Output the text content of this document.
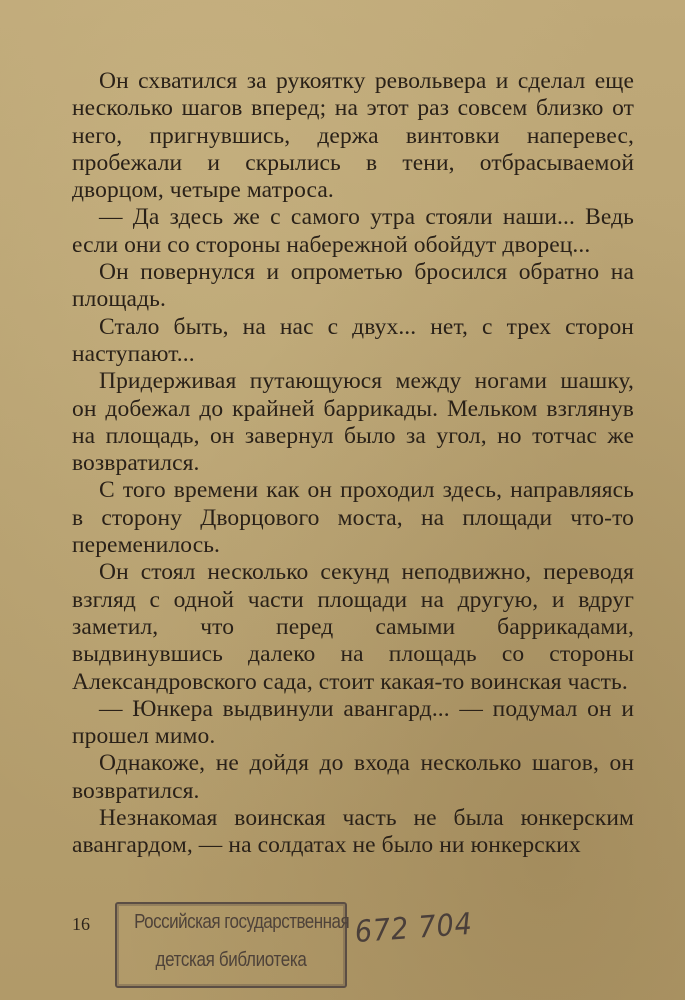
Он схватился за рукоятку револьвера и сделал еще несколько шагов вперед; на этот раз совсем близко от него, пригнувшись, держа винтовки наперевес, пробежали и скрылись в тени, отбрасываемой дворцом, четыре матроса.

— Да здесь же с самого утра стояли наши... Ведь если они со стороны набережной обойдут дворец...

Он повернулся и опрометью бросился обратно на площадь.

Стало быть, на нас с двух... нет, с трех сторон наступают...

Придерживая путающуюся между ногами шашку, он добежал до крайней баррикады. Мельком взглянув на площадь, он завернул было за угол, но тотчас же возвратился.

С того времени как он проходил здесь, направляясь в сторону Дворцового моста, на площади что-то переменилось.

Он стоял несколько секунд неподвижно, переводя взгляд с одной части площади на другую, и вдруг заметил, что перед самыми баррикадами, выдвинувшись далеко на площадь со стороны Александровского сада, стоит какая-то воинская часть.

— Юнкера выдвинули авангард... — подумал он и прошел мимо.

Однакоже, не дойдя до входа несколько шагов, он возвратился.

Незнакомая воинская часть не была юнкерским авангардом, — на солдатах не было ни юнкерских

16 Российская государственная
детская библиотека
672 704
